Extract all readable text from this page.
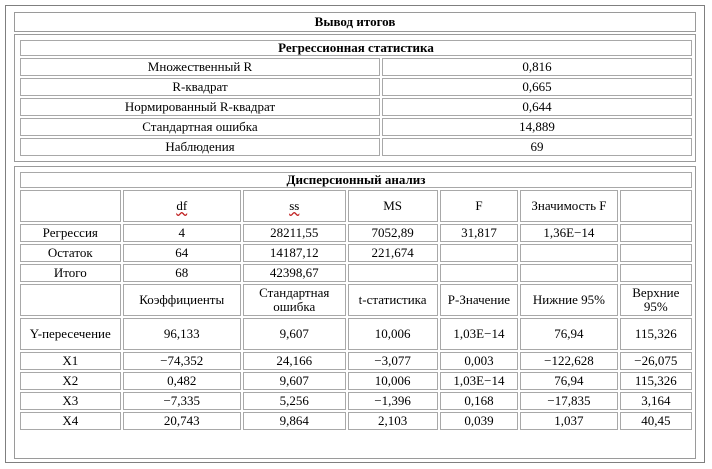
Вывод итогов
Регрессионная статистика	
Множественный R	0,816
R-квадрат	0,665
Нормированный R-квадрат	0,644
Стандартная ошибка	14,889
Наблюдения	69
Дисперсионный анализ						
	df	ss	MS	F	Значимость F	
Регрессия	4	28211,55	7052,89	31,817	1,36E−14	
Остаток	64	14187,12	221,674			
Итого	68	42398,67				
	Коэффициенты	Стандартная ошибка	t-статистика	P-Значение	Нижние 95%	Верхние 95%
Y-пересечение	96,133	9,607	10,006	1,03E−14	76,94	115,326
X1	−74,352	24,166	−3,077	0,003	−122,628	−26,075
X2	0,482	9,607	10,006	1,03E−14	76,94	115,326
X3	−7,335	5,256	−1,396	0,168	−17,835	3,164
X4	20,743	9,864	2,103	0,039	1,037	40,45
